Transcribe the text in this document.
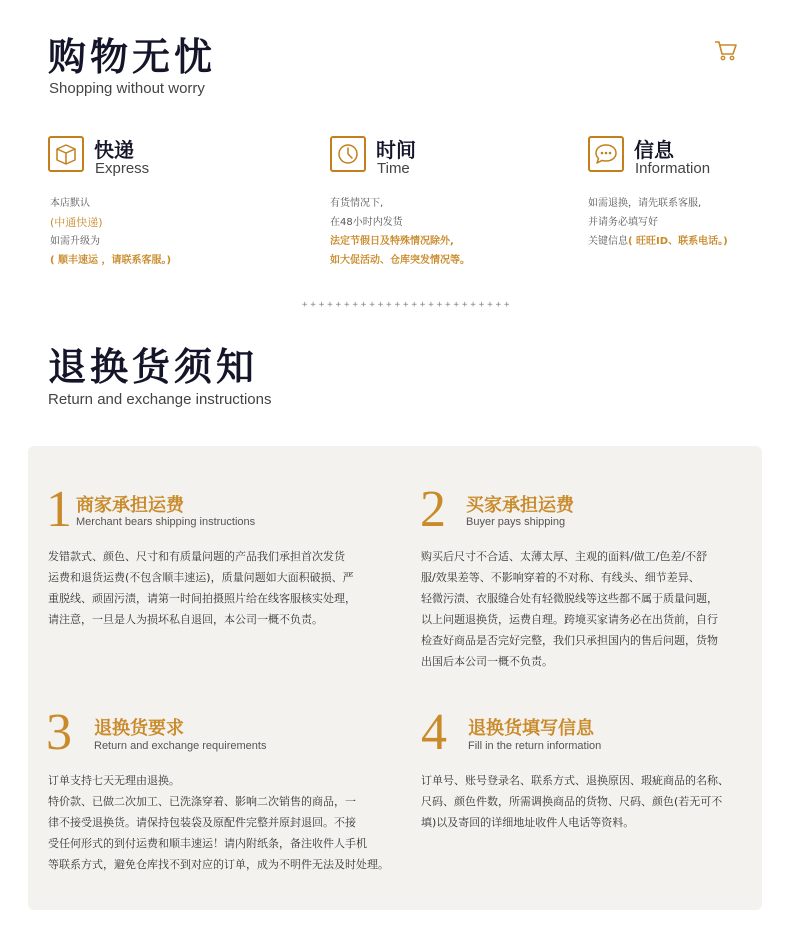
购物无忧
Shopping without worry
快递
Express
本店默认
(中通快递)
如需升级为
( 顺丰速运 ，请联系客服。)
时间
Time
有货情况下,
在48小时内发货
法定节假日及特殊情况除外,
如大促活动、仓库突发情况等。
信息
Information
如需退换，请先联系客服,
并请务必填写好
关键信息( 旺旺ID、联系电话。)
+++++++++++++++++++++++++
退换货须知
Return and exchange instructions
1 商家承担运费
Merchant bears shipping instructions
发错款式、颜色、尺寸和有质量问题的产品我们承担首次发货
运费和退货运费(不包含顺丰速运)，质量问题如大面积破损、严
重脱线、顽固污渍，请第一时间拍摄照片给在线客服核实处理，
请注意，一旦是人为损坏私自退回，本公司一概不负责。
2 买家承担运费
Buyer pays shipping
购买后尺寸不合适、太薄太厚、主观的面料/做工/色差/不舒
服/效果差等、不影响穿着的不对称、有线头、细节差异、
轻微污渍、衣服缝合处有轻微脱线等这些都不属于质量问题，
以上问题退换货，运费自理。跨境买家请务必在出货前，自行
检查好商品是否完好完整，我们只承担国内的售后问题，货物
出国后本公司一概不负责。
3 退换货要求
Return and exchange requirements
订单支持七天无理由退换。
特价款、已做二次加工、已洗涤穿着、影响二次销售的商品，一
律不接受退换货。请保持包装袋及原配件完整并原封退回。不接
受任何形式的到付运费和顺丰速运！请内附纸条，备注收件人手机
等联系方式，避免仓库找不到对应的订单，成为不明件无法及时处理。
4 退换货填写信息
Fill in the return information
订单号、账号登录名、联系方式、退换原因、瑕疵商品的名称、
尺码、颜色件数，所需调换商品的货物、尺码、颜色(若无可不
填)以及寄回的详细地址收件人电话等资料。
